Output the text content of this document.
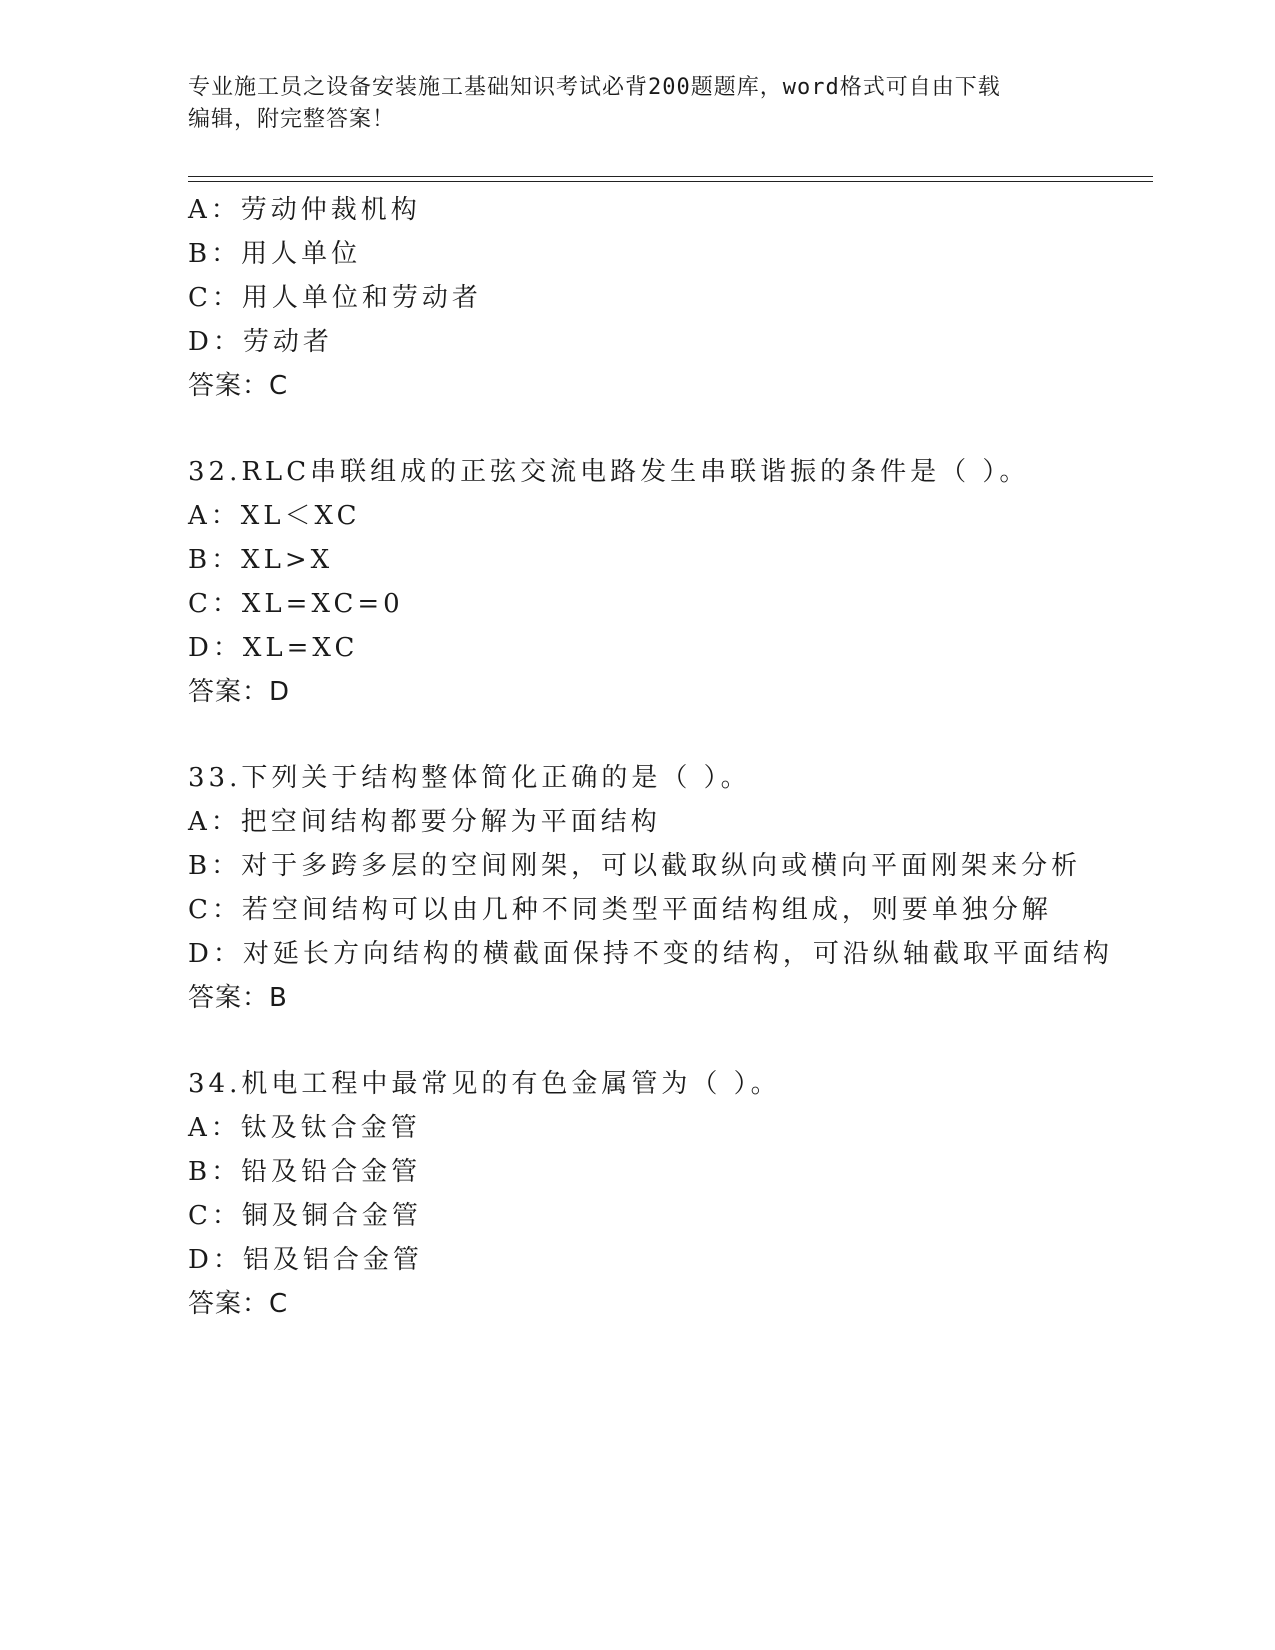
专业施工员之设备安装施工基础知识考试必背200题题库，word格式可自由下载
编辑，附完整答案！
A：劳动仲裁机构
B：用人单位
C：用人单位和劳动者
D：劳动者
答案：C
32.RLC串联组成的正弦交流电路发生串联谐振的条件是（ ）。
A：XL＜XC
B：XL>X
C：XL=XC=0
D：XL=XC
答案：D
33.下列关于结构整体简化正确的是（ ）。
A：把空间结构都要分解为平面结构
B：对于多跨多层的空间刚架，可以截取纵向或横向平面刚架来分析
C：若空间结构可以由几种不同类型平面结构组成，则要单独分解
D：对延长方向结构的横截面保持不变的结构，可沿纵轴截取平面结构
答案：B
34.机电工程中最常见的有色金属管为（ ）。
A：钛及钛合金管
B：铅及铅合金管
C：铜及铜合金管
D：铝及铝合金管
答案：C
